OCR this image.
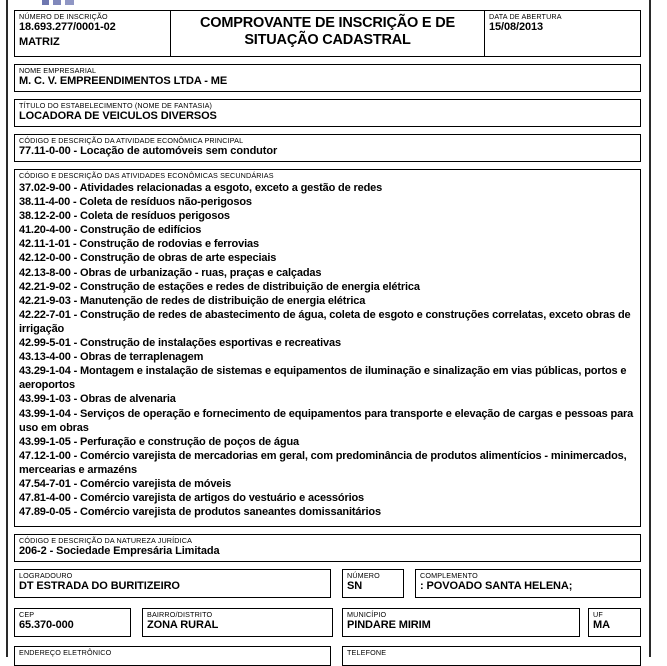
NÚMERO DE INSCRIÇÃO
18.693.277/0001-02
MATRIZ
COMPROVANTE DE INSCRIÇÃO E DE SITUAÇÃO CADASTRAL
DATA DE ABERTURA
15/08/2013
NOME EMPRESARIAL
M. C. V. EMPREENDIMENTOS LTDA - ME
TÍTULO DO ESTABELECIMENTO (NOME DE FANTASIA)
LOCADORA DE VEICULOS DIVERSOS
CÓDIGO E DESCRIÇÃO DA ATIVIDADE ECONÔMICA PRINCIPAL
77.11-0-00 - Locação de automóveis sem condutor
CÓDIGO E DESCRIÇÃO DAS ATIVIDADES ECONÔMICAS SECUNDÁRIAS
37.02-9-00 - Atividades relacionadas a esgoto, exceto a gestão de redes
38.11-4-00 - Coleta de resíduos não-perigosos
38.12-2-00 - Coleta de resíduos perigosos
41.20-4-00 - Construção de edifícios
42.11-1-01 - Construção de rodovias e ferrovias
42.12-0-00 - Construção de obras de arte especiais
42.13-8-00 - Obras de urbanização - ruas, praças e calçadas
42.21-9-02 - Construção de estações e redes de distribuição de energia elétrica
42.21-9-03 - Manutenção de redes de distribuição de energia elétrica
42.22-7-01 - Construção de redes de abastecimento de água, coleta de esgoto e construções correlatas, exceto obras de irrigação
42.99-5-01 - Construção de instalações esportivas e recreativas
43.13-4-00 - Obras de terraplenagem
43.29-1-04 - Montagem e instalação de sistemas e equipamentos de iluminação e sinalização em vias públicas, portos e aeroportos
43.99-1-03 - Obras de alvenaria
43.99-1-04 - Serviços de operação e fornecimento de equipamentos para transporte e elevação de cargas e pessoas para uso em obras
43.99-1-05 - Perfuração e construção de poços de água
47.12-1-00 - Comércio varejista de mercadorias em geral, com predominância de produtos alimentícios - minimercados, mercearias e armazéns
47.54-7-01 - Comércio varejista de móveis
47.81-4-00 - Comércio varejista de artigos do vestuário e acessórios
47.89-0-05 - Comércio varejista de produtos saneantes domissanitários
CÓDIGO E DESCRIÇÃO DA NATUREZA JURÍDICA
206-2 - Sociedade Empresária Limitada
LOGRADOURO
DT ESTRADA DO BURITIZEIRO
NÚMERO
SN
COMPLEMENTO
: POVOADO SANTA HELENA;
CEP
65.370-000
BAIRRO/DISTRITO
ZONA RURAL
MUNICÍPIO
PINDARE MIRIM
UF
MA
ENDEREÇO ELETRÔNICO	TELEFONE
